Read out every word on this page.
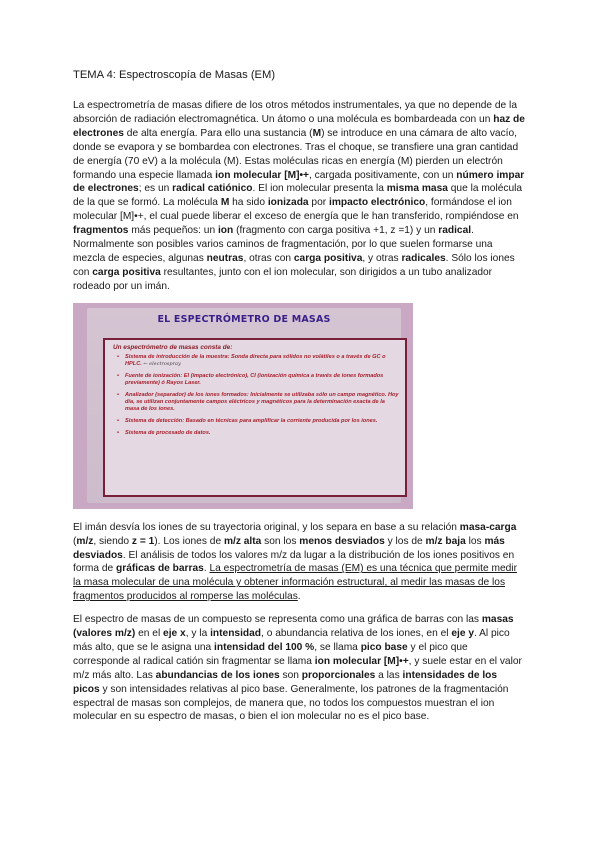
TEMA 4: Espectroscopía de Masas (EM)

La espectrometría de masas difiere de los otros métodos instrumentales, ya que no depende de la absorción de radiación electromagnética. Un átomo o una molécula es bombardeada con un haz de electrones de alta energía. Para ello una sustancia (M) se introduce en una cámara de alto vacío, donde se evapora y se bombardea con electrones. Tras el choque, se transfiere una gran cantidad de energía (70 eV) a la molécula (M). Estas moléculas ricas en energía (M) pierden un electrón formando una especie llamada ion molecular [M]•+, cargada positivamente, con un número impar de electrones; es un radical catiónico. El ion molecular presenta la misma masa que la molécula de la que se formó. La molécula M ha sido ionizada por impacto electrónico, formándose el ion molecular [M]•+, el cual puede liberar el exceso de energía que le han transferido, rompiéndose en fragmentos más pequeños: un ion (fragmento con carga positiva +1, z =1) y un radical. Normalmente son posibles varios caminos de fragmentación, por lo que suelen formarse una mezcla de especies, algunas neutras, otras con carga positiva, y otras radicales. Sólo los iones con carga positiva resultantes, junto con el ion molecular, son dirigidos a un tubo analizador rodeado por un imán.

EL ESPECTRÓMETRO DE MASAS
Un espectrómetro de masas consta de:
• Sistema de introducción de la muestra: Sonda directa para sólidos no volátiles o a través de GC o HPLC. ← electrospray
• Fuente de ionización: El (impacto electrónico), CI (ionización química a través de iones formados previamente) ó Rayos Laser.
• Analizador (separador) de los iones formados: Inicialmente se utilizaba sólo un campo magnético. Hoy día, se utilizan conjuntamente campos eléctricos y magnéticos para la determinación exacta de la masa de los iones.
• Sistema de detección: Basado en técnicas para amplificar la corriente producida por los iones.
• Sistema de procesado de datos.

El imán desvía los iones de su trayectoria original, y los separa en base a su relación masa-carga (m/z, siendo z = 1). Los iones de m/z alta son los menos desviados y los de m/z baja los más desviados. El análisis de todos los valores m/z da lugar a la distribución de los iones positivos en forma de gráficas de barras. La espectrometría de masas (EM) es una técnica que permite medir la masa molecular de una molécula y obtener información estructural, al medir las masas de los fragmentos producidos al romperse las moléculas.

El espectro de masas de un compuesto se representa como una gráfica de barras con las masas (valores m/z) en el eje x, y la intensidad, o abundancia relativa de los iones, en el eje y. Al pico más alto, que se le asigna una intensidad del 100 %, se llama pico base y el pico que corresponde al radical catión sin fragmentar se llama ion molecular [M]•+, y suele estar en el valor m/z más alto. Las abundancias de los iones son proporcionales a las intensidades de los picos y son intensidades relativas al pico base. Generalmente, los patrones de la fragmentación espectral de masas son complejos, de manera que, no todos los compuestos muestran el ion molecular en su espectro de masas, o bien el ion molecular no es el pico base.
